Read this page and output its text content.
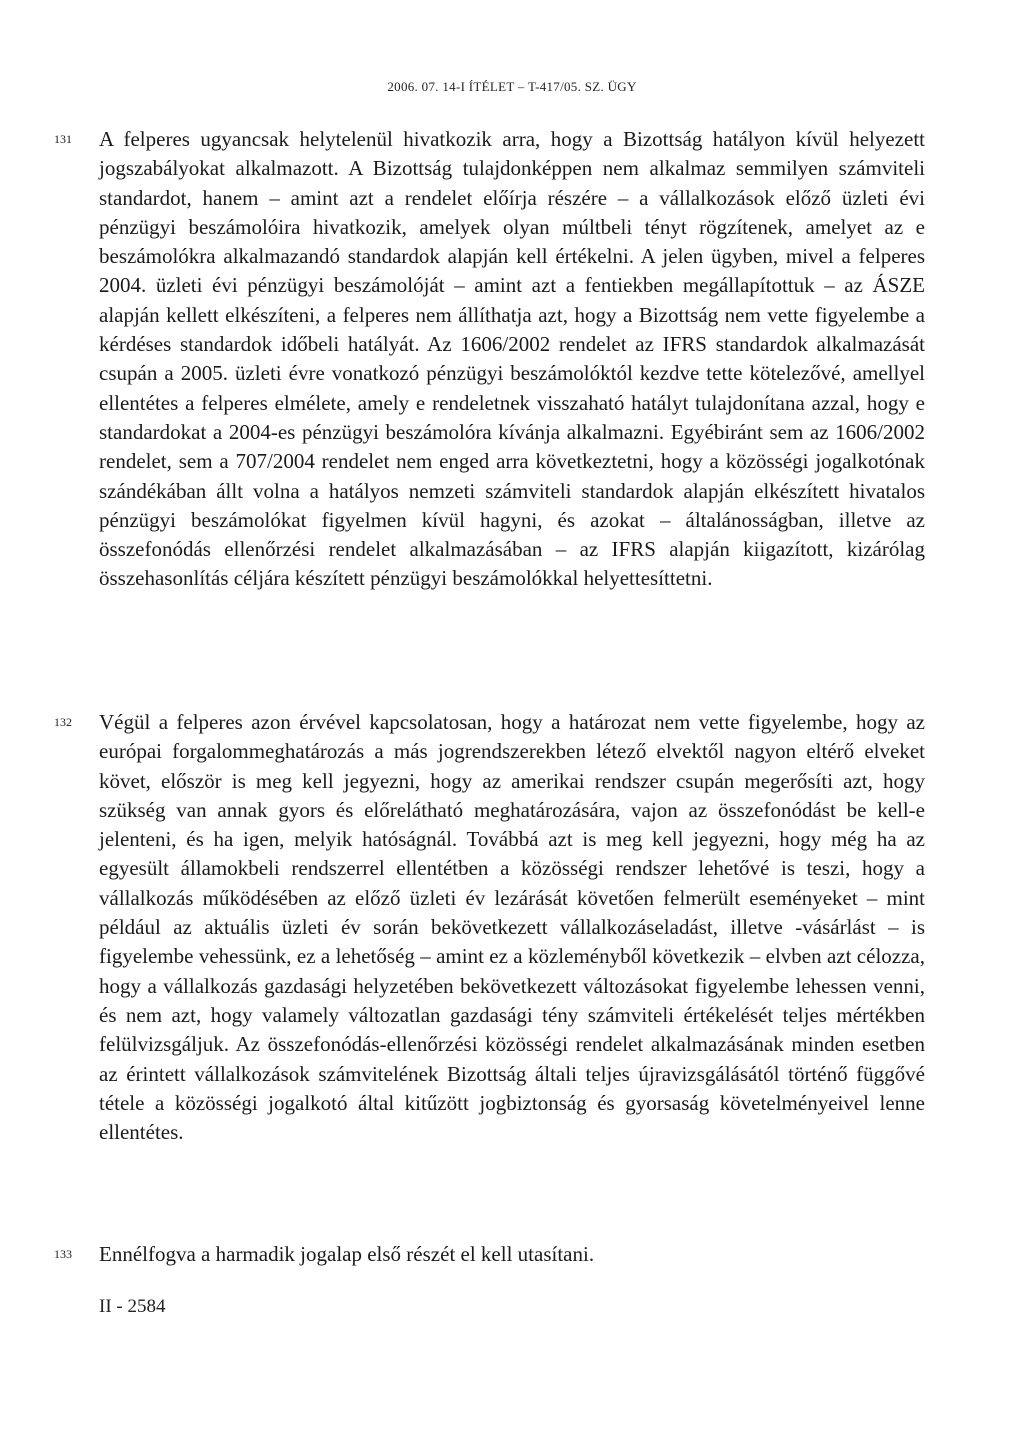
2006. 07. 14-I ÍTÉLET – T-417/05. SZ. ÜGY
131 A felperes ugyancsak helytelenül hivatkozik arra, hogy a Bizottság hatályon kívül helyezett jogszabályokat alkalmazott. A Bizottság tulajdonképpen nem alkalmaz semmilyen számviteli standardot, hanem – amint azt a rendelet előírja részére – a vállalkozások előző üzleti évi pénzügyi beszámolóira hivatkozik, amelyek olyan múltbeli tényt rögzítenek, amelyet az e beszámolókra alkalmazandó standardok alapján kell értékelni. A jelen ügyben, mivel a felperes 2004. üzleti évi pénzügyi beszámolóját – amint azt a fentiekben megállapítottuk – az ÁSZE alapján kellett elkészíteni, a felperes nem állíthatja azt, hogy a Bizottság nem vette figyelembe a kérdéses standardok időbeli hatályát. Az 1606/2002 rendelet az IFRS standardok alkalmazását csupán a 2005. üzleti évre vonatkozó pénzügyi beszámolóktól kezdve tette kötelezővé, amellyel ellentétes a felperes elmélete, amely e rendeletnek visszaható hatályt tulajdonítana azzal, hogy e standardokat a 2004-es pénzügyi beszámolóra kívánja alkalmazni. Egyébiránt sem az 1606/2002 rendelet, sem a 707/2004 rendelet nem enged arra következtetni, hogy a közösségi jogalkotónak szándékában állt volna a hatályos nemzeti számviteli standardok alapján elkészített hivatalos pénzügyi beszámolókat figyelmen kívül hagyni, és azokat – általánosságban, illetve az összefonódás ellenőrzési rendelet alkalmazásában – az IFRS alapján kiigazított, kizárólag összehasonlítás céljára készített pénzügyi beszámolókkal helyettesíttetni.

132 Végül a felperes azon érvével kapcsolatosan, hogy a határozat nem vette figyelembe, hogy az európai forgalommeghatározás a más jogrendszerekben létező elvektől nagyon eltérő elveket követ, először is meg kell jegyezni, hogy az amerikai rendszer csupán megerősíti azt, hogy szükség van annak gyors és előrelátható meghatározására, vajon az összefonódást be kell-e jelenteni, és ha igen, melyik hatóságnál. Továbbá azt is meg kell jegyezni, hogy még ha az egyesült államokbeli rendszerrel ellentétben a közösségi rendszer lehetővé is teszi, hogy a vállalkozás működésében az előző üzleti év lezárását követően felmerült eseményeket – mint például az aktuális üzleti év során bekövetkezett vállalkozáseladást, illetve -vásárlást – is figyelembe vehessünk, ez a lehetőség – amint ez a közleményből következik – elvben azt célozza, hogy a vállalkozás gazdasági helyzetében bekövetkezett változásokat figyelembe lehessen venni, és nem azt, hogy valamely változatlan gazdasági tény számviteli értékelését teljes mértékben felülvizsgáljuk. Az összefonódás-ellenőrzési közösségi rendelet alkalmazásának minden esetben az érintett vállalkozások számvitelének Bizottság általi teljes újravizsgálásától történő függővé tétele a közösségi jogalkotó által kitűzött jogbiztonság és gyorsaság követelményeivel lenne ellentétes.

133 Ennélfogva a harmadik jogalap első részét el kell utasítani.

II - 2584
